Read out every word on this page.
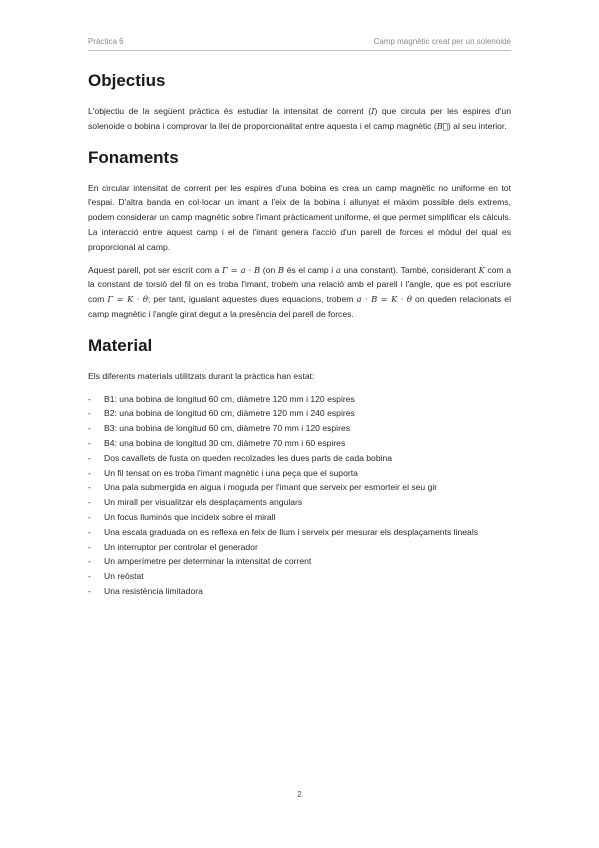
Pràctica 6	Camp magnètic creat per un solenoide
Objectius

L'objectiu de la següent pràctica és estudiar la intensitat de corrent (I) que circula per les espires d'un solenoide o bobina i comprovar la llei de proporcionalitat entre aquesta i el camp magnètic (B⃗) al seu interior.

Fonaments

En circular intensitat de corrent per les espires d'una bobina es crea un camp magnètic no uniforme en tot l'espai. D'altra banda en col·locar un imant a l'eix de la bobina i allunyat el màxim possible dels extrems, podem considerar un camp magnètic sobre l'imant pràcticament uniforme, el que permet simplificar els càlculs. La interacció entre aquest camp i el de l'imant genera l'acció d'un parell de forces el mòdul del qual es proporcional al camp.

Aquest parell, pot ser escrit com a Γ = a · B (on B és el camp i a una constant). També, considerant K com a la constant de torsió del fil on es troba l'imant, trobem una relació amb el parell i l'angle, que es pot escriure com Γ = K · θ; per tant, igualant aquestes dues equacions, trobem a · B = K · θ on queden relacionats el camp magnètic i l'angle girat degut a la presència del parell de forces.

Material

Els diferents materials utilitzats durant la pràctica han estat:

-	B1: una bobina de longitud 60 cm, diàmetre 120 mm i 120 espires
-	B2: una bobina de longitud 60 cm, diàmetre 120 mm i 240 espires
-	B3: una bobina de longitud 60 cm, diàmetre 70 mm i 120 espires
-	B4: una bobina de longitud 30 cm, diàmetre 70 mm i 60 espires
-	Dos cavallets de fusta on queden recolzades les dues parts de cada bobina
-	Un fil tensat on es troba l'imant magnètic i una peça que el suporta
-	Una pala submergida en aigua i moguda per l'imant que serveix per esmorteir el seu gir
-	Un mirall per visualitzar els desplaçaments angulars
-	Un focus lluminós que incideix sobre el mirall
-	Una escala graduada on es reflexa en feix de llum i serveix per mesurar els desplaçaments lineals
-	Un interruptor per controlar el generador
-	Un amperímetre per determinar la intensitat de corrent
-	Un reòstat
-	Una resistència limitadora
2
